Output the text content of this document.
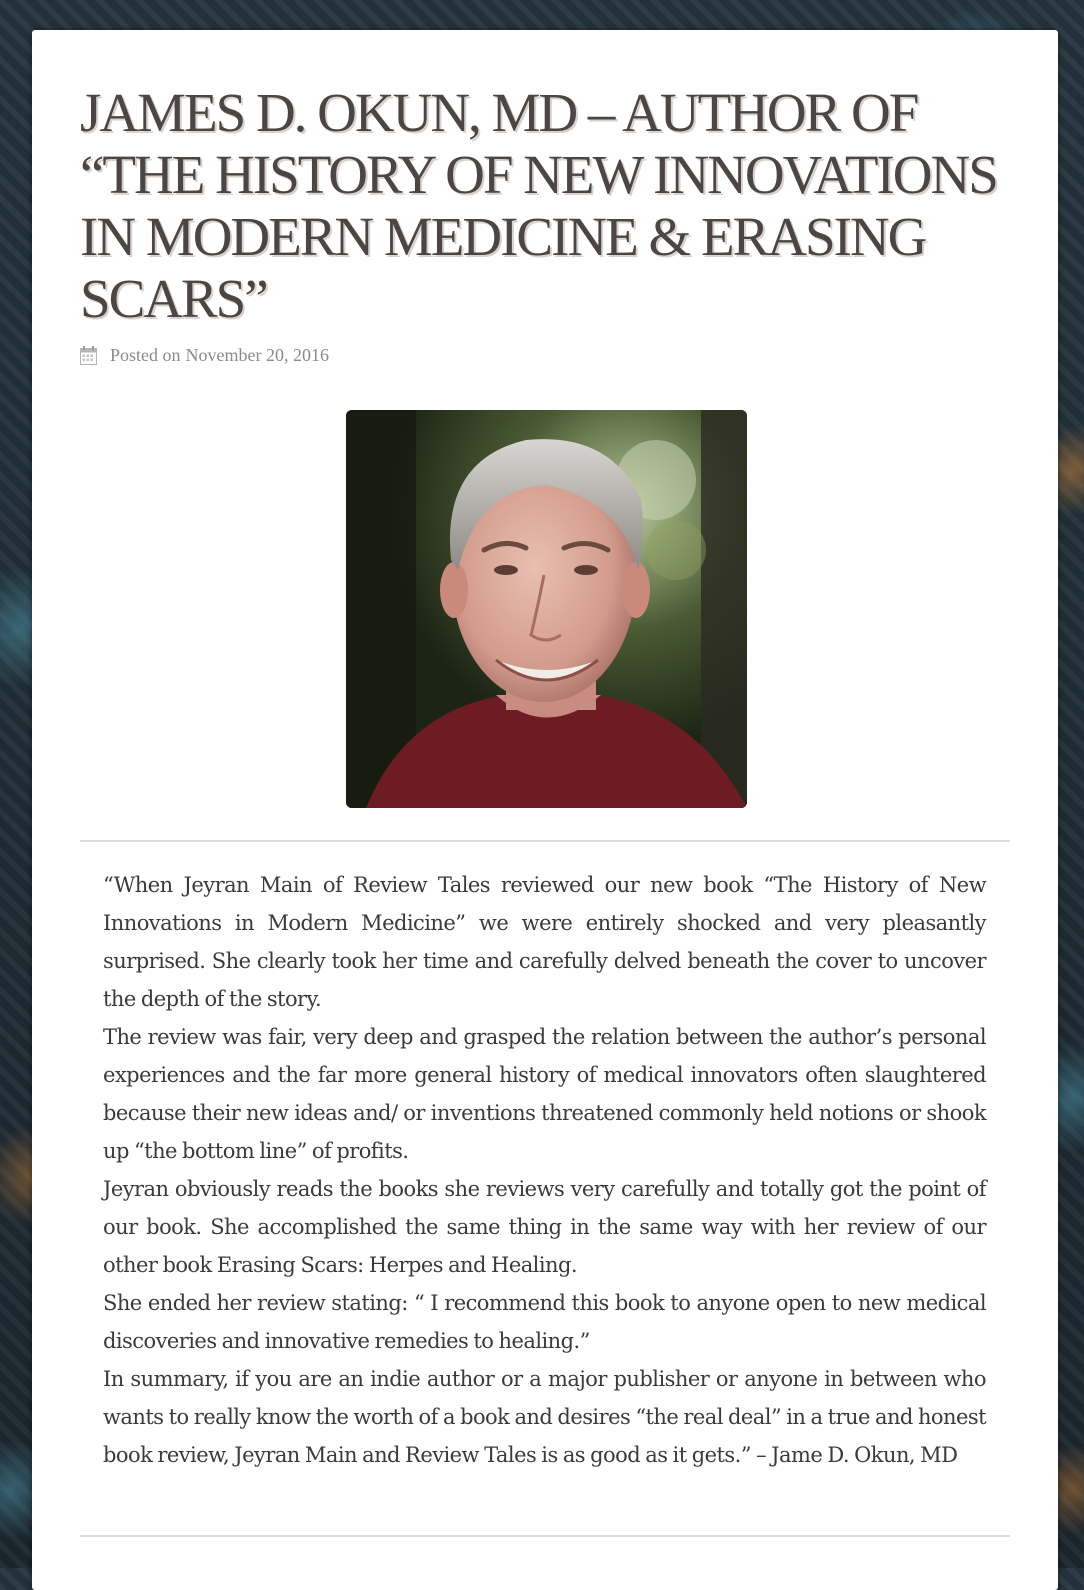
JAMES D. OKUN, MD – AUTHOR OF “THE HISTORY OF NEW INNOVATIONS IN MODERN MEDICINE & ERASING SCARS”
Posted on November 20, 2016

“When Jeyran Main of Review Tales reviewed our new book “The History of New Innovations in Modern Medicine” we were entirely shocked and very pleasantly surprised. She clearly took her time and carefully delved beneath the cover to uncover the depth of the story.

The review was fair, very deep and grasped the relation between the author’s personal experiences and the far more general history of medical innovators often slaughtered because their new ideas and/ or inventions threatened commonly held notions or shook up “the bottom line” of profits.

Jeyran obviously reads the books she reviews very carefully and totally got the point of our book. She accomplished the same thing in the same way with her review of our other book Erasing Scars: Herpes and Healing.

She ended her review stating: “ I recommend this book to anyone open to new medical discoveries and innovative remedies to healing.”

In summary, if you are an indie author or a major publisher or anyone in between who wants to really know the worth of a book and desires “the real deal” in a true and honest book review, Jeyran Main and Review Tales is as good as it gets.” – Jame D. Okun, MD
